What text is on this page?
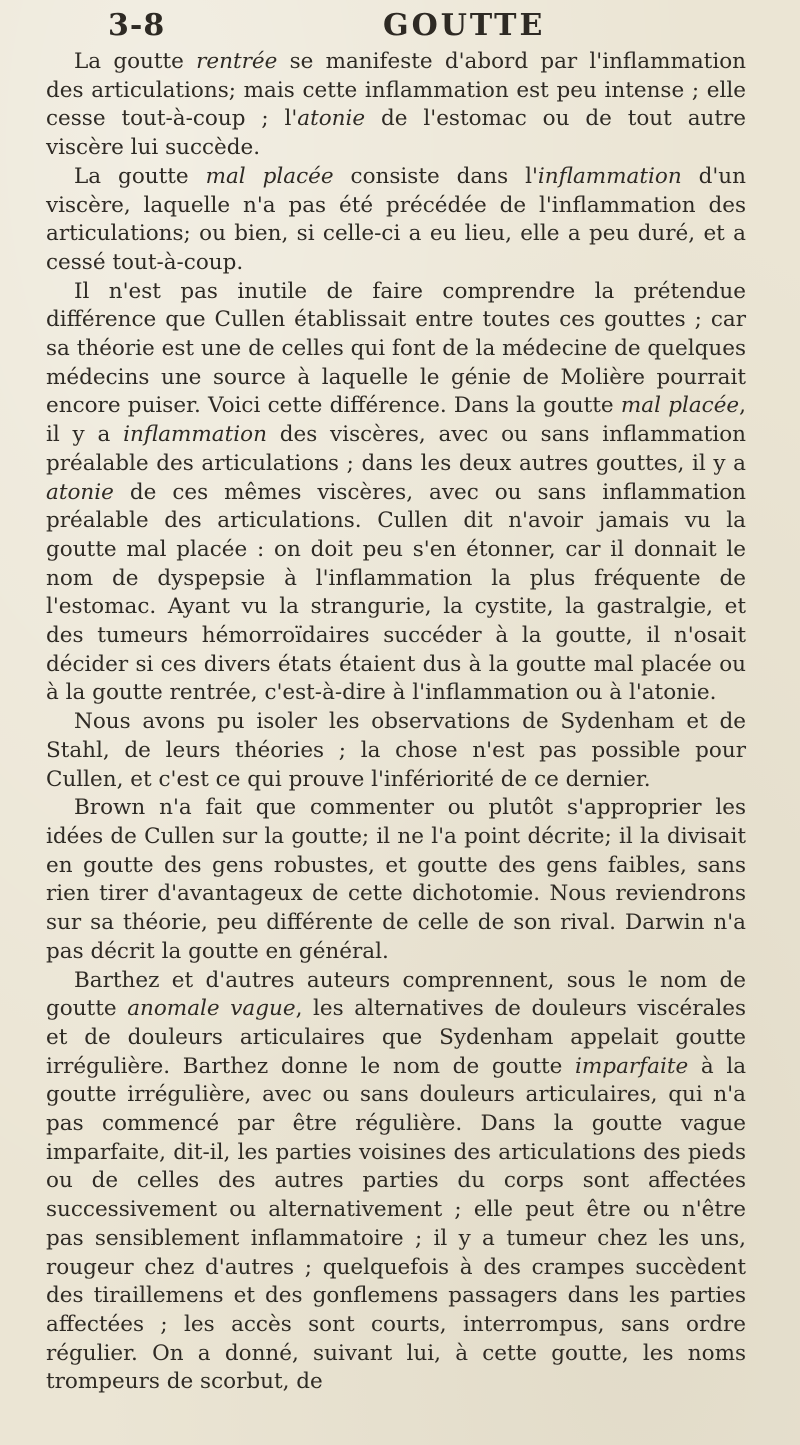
3-8	GOUTTE

La goutte rentrée se manifeste d'abord par l'inflammation des articulations; mais cette inflammation est peu intense ; elle cesse tout-à-coup ; l'atonie de l'estomac ou de tout autre viscère lui succède.

La goutte mal placée consiste dans l'inflammation d'un viscère, laquelle n'a pas été précédée de l'inflammation des articulations; ou bien, si celle-ci a eu lieu, elle a peu duré, et a cessé tout-à-coup.

Il n'est pas inutile de faire comprendre la prétendue différence que Cullen établissait entre toutes ces gouttes ; car sa théorie est une de celles qui font de la médecine de quelques médecins une source à laquelle le génie de Molière pourrait encore puiser. Voici cette différence. Dans la goutte mal placée, il y a inflammation des viscères, avec ou sans inflammation préalable des articulations ; dans les deux autres gouttes, il y a atonie de ces mêmes viscères, avec ou sans inflammation préalable des articulations. Cullen dit n'avoir jamais vu la goutte mal placée : on doit peu s'en étonner, car il donnait le nom de dyspepsie à l'inflammation la plus fréquente de l'estomac. Ayant vu la strangurie, la cystite, la gastralgie, et des tumeurs hémorroïdaires succéder à la goutte, il n'osait décider si ces divers états étaient dus à la goutte mal placée ou à la goutte rentrée, c'est-à-dire à l'inflammation ou à l'atonie.

Nous avons pu isoler les observations de Sydenham et de Stahl, de leurs théories ; la chose n'est pas possible pour Cullen, et c'est ce qui prouve l'infériorité de ce dernier.

Brown n'a fait que commenter ou plutôt s'approprier les idées de Cullen sur la goutte; il ne l'a point décrite; il la divisait en goutte des gens robustes, et goutte des gens faibles, sans rien tirer d'avantageux de cette dichotomie. Nous reviendrons sur sa théorie, peu différente de celle de son rival. Darwin n'a pas décrit la goutte en général.

Barthez et d'autres auteurs comprennent, sous le nom de goutte anomale vague, les alternatives de douleurs viscérales et de douleurs articulaires que Sydenham appelait goutte irrégulière. Barthez donne le nom de goutte imparfaite à la goutte irrégulière, avec ou sans douleurs articulaires, qui n'a pas commencé par être régulière. Dans la goutte vague imparfaite, dit-il, les parties voisines des articulations des pieds ou de celles des autres parties du corps sont affectées successivement ou alternativement ; elle peut être ou n'être pas sensiblement inflammatoire ; il y a tumeur chez les uns, rougeur chez d'autres ; quelquefois à des crampes succèdent des tiraillemens et des gonflemens passagers dans les parties affectées ; les accès sont courts, interrompus, sans ordre régulier. On a donné, suivant lui, à cette goutte, les noms trompeurs de scorbut, de
